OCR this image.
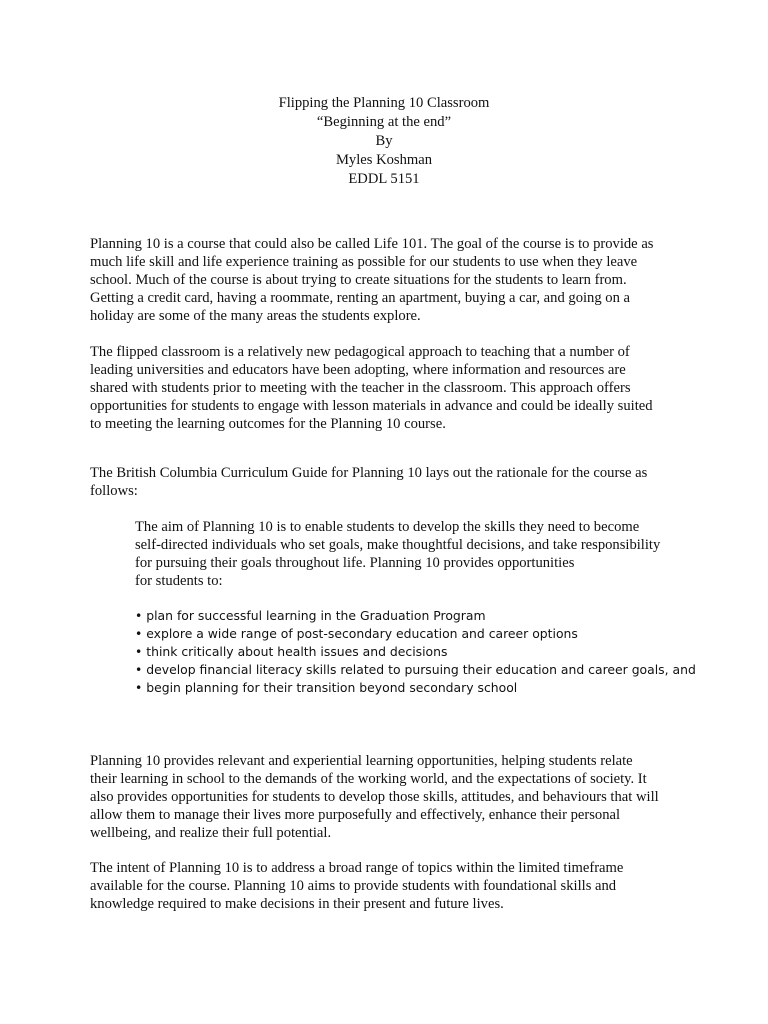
Flipping the Planning 10 Classroom
“Beginning at the end”
By
Myles Koshman
EDDL 5151

Planning 10 is a course that could also be called Life 101. The goal of the course is to provide as
much life skill and life experience training as possible for our students to use when they leave
school. Much of the course is about trying to create situations for the students to learn from.
Getting a credit card, having a roommate, renting an apartment, buying a car, and going on a
holiday are some of the many areas the students explore.

The flipped classroom is a relatively new pedagogical approach to teaching that a number of
leading universities and educators have been adopting, where information and resources are
shared with students prior to meeting with the teacher in the classroom. This approach offers
opportunities for students to engage with lesson materials in advance and could be ideally suited
to meeting the learning outcomes for the Planning 10 course.

The British Columbia Curriculum Guide for Planning 10 lays out the rationale for the course as
follows:

The aim of Planning 10 is to enable students to develop the skills they need to become
self-directed individuals who set goals, make thoughtful decisions, and take responsibility
for pursuing their goals throughout life. Planning 10 provides opportunities
for students to:

• plan for successful learning in the Graduation Program
• explore a wide range of post-secondary education and career options
• think critically about health issues and decisions
• develop financial literacy skills related to pursuing their education and career goals, and
• begin planning for their transition beyond secondary school

Planning 10 provides relevant and experiential learning opportunities, helping students relate
their learning in school to the demands of the working world, and the expectations of society. It
also provides opportunities for students to develop those skills, attitudes, and behaviours that will
allow them to manage their lives more purposefully and effectively, enhance their personal
wellbeing, and realize their full potential.

The intent of Planning 10 is to address a broad range of topics within the limited timeframe
available for the course. Planning 10 aims to provide students with foundational skills and
knowledge required to make decisions in their present and future lives.
